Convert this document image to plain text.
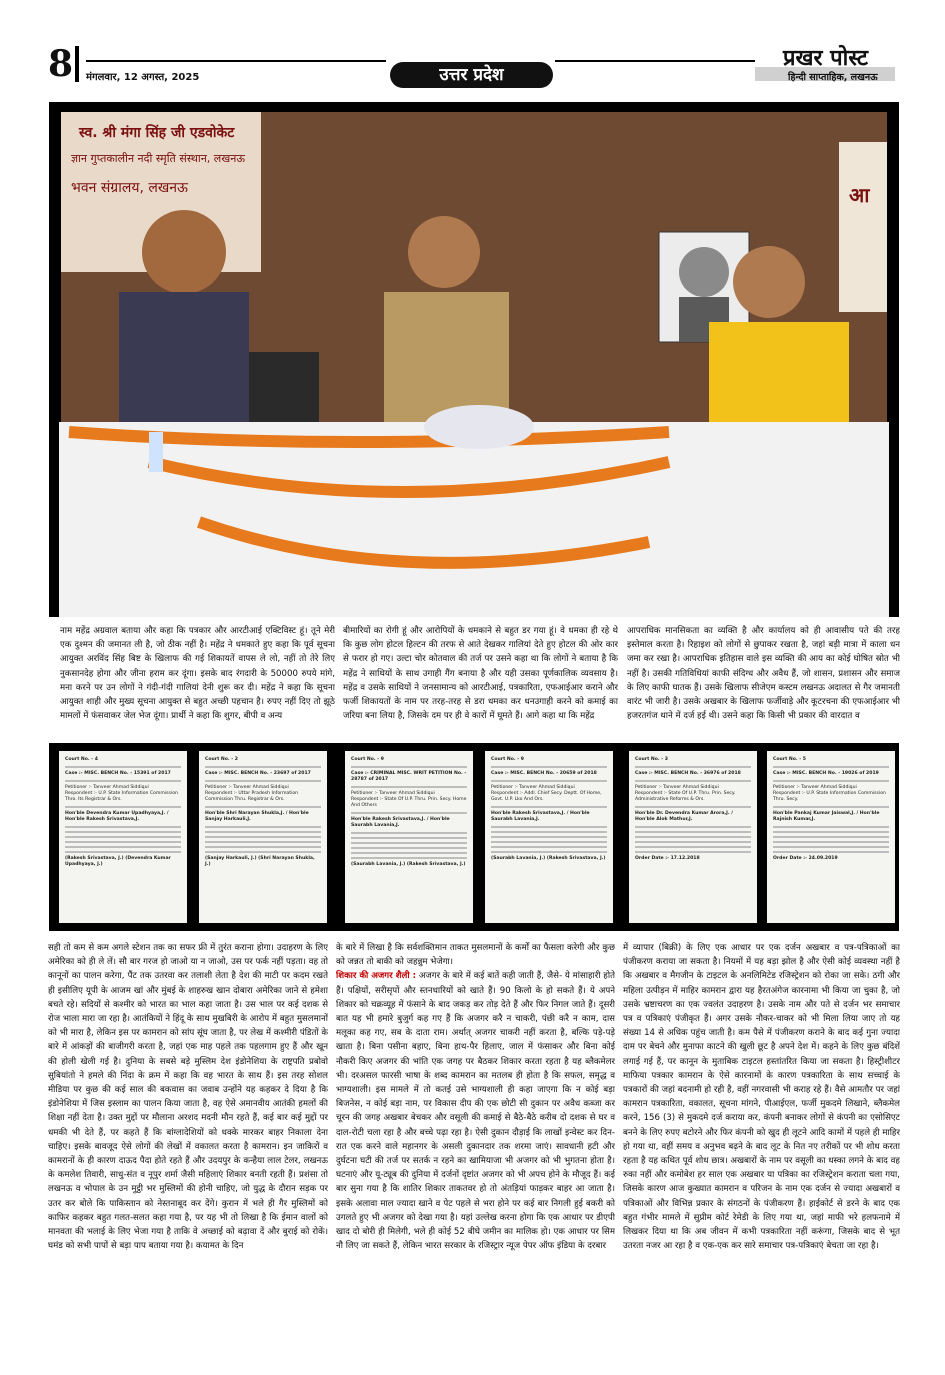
8 मंगलवार, 12 अगस्त, 2025	उत्तर प्रदेश
प्रखर पोस्ट
हिन्दी साप्ताहिक, लखनऊ
स्व. श्री मंगा सिंह जी एडवोकेट
ज्ञान गुप्तकालीन नदी स्मृति संस्थान, लखनऊ
भवन संग्रालय, लखनऊ	आ
नाम महेंद्र अग्रवाल बताया और कहा कि पत्रकार और आरटीआई एक्टिविस्ट हूं। तूने मेरी एक दुश्मन की जमानत ली है, जो ठीक नहीं है। महेंद्र ने धमकाते हुए कहा कि पूर्व सूचना आयुक्त अरविंद सिंह बिष्ट के खिलाफ की गई शिकायतें वापस ले लो, नहीं तो तेरे लिए नुकसानदेह होगा और जीना हराम कर दूंगा। इसके बाद रंगदारी के 50000 रुपये मांगे, मना करने पर उन लोगों ने गंदी-गंदी गालियां देनी शुरू कर दी। महेंद्र ने कहा कि सूचना आयुक्त शाही और मुख्य सूचना आयुक्त से बहुत अच्छी पहचान है। रुपए नहीं दिए तो झूठे मामलों में फंसवाकर जेल भेज दूंगा। प्रार्थी ने कहा कि शुगर, बीपी व अन्य
बीमारियों का रोगी हूं और आरोपियों के धमकाने से बहुत डर गया हूं। वे धमका ही रहे थे कि कुछ लोग होटल हिल्टन की तरफ से आते देखकर गालियां देते हुए होटल की ओर कार से फरार हो गए। उल्टा चोर कोतवाल की तर्ज पर उसने कहा था कि लोगों ने बताया है कि महेंद्र ने साथियों के साथ उगाही गैंग बनाया है और यही उसका पूर्णकालिक व्यवसाय है। महेंद्र व उसके साथियों ने जनसामान्य को आरटीआई, पत्रकारिता, एफआईआर कराने और फर्जी शिकायतों के नाम पर तरह-तरह से डरा धमका कर धनउगाही करने को कमाई का जरिया बना लिया है, जिसके दम पर ही वे कारों में घूमते हैं। आगे कहा था कि महेंद्र
आपराधिक मानसिकता का व्यक्ति है और कार्यालय को ही आवासीय पते की तरह इस्तेमाल करता है। रिहाइश को लोगों से छुपाकर रखता है, जहां बड़ी मात्रा में काला धन जमा कर रखा है। आपराधिक इतिहास वाले इस व्यक्ति की आय का कोई घोषित स्रोत भी नहीं है। उसकी गतिविधियां काफी संदिग्ध और अवैध हैं, जो शासन, प्रशासन और समाज के लिए काफी घातक हैं। उसके खिलाफ सीजेएम कस्टम लखनऊ अदालत से गैर जमानती वारंट भी जारी है। उसके अखबार के खिलाफ फर्जीवाड़े और कूटरचना की एफआईआर भी हजरतगंज थाने में दर्ज हई थी। उसने कहा कि किसी भी प्रकार की वारदात व
Court No. - 4
Case :- MISC. BENCH No. - 15391 of 2017
Petitioner :- Tanveer Ahmad Siddiqui
Respondent :- U.P. State Information Commission Thro. Its Registrar & Ors.
Hon'ble Devendra Kumar Upadhyaya,J. / Hon'ble Rakesh Srivastava,J.
(Rakesh Srivastava, J.) (Devendra Kumar Upadhyaya, J.)
Court No. - 2
Case :- MISC. BENCH No. - 23697 of 2017
Petitioner :- Tanveer Ahmad Siddiqui
Respondent :- Uttar Pradesh Information Commission Thru. Registrar & Ors.
Hon'ble Shri Narayan Shukla,J. / Hon'ble Sanjay Harkauli,J.
(Sanjay Harkauli, J.) (Shri Narayan Shukla, J.)
Court No. - 9
Case :- CRIMINAL MISC. WRIT PETITION No. - 28787 of 2017
Petitioner :- Tanveer Ahmad Siddiqui
Respondent :- State Of U.P. Thru. Prin. Secy. Home And Others
Hon'ble Rakesh Srivastava,J. / Hon'ble Saurabh Lavania,J.
(Saurabh Lavania, J.) (Rakesh Srivastava, J.)
Court No. - 9
Case :- MISC. BENCH No. - 20659 of 2018
Petitioner :- Tanveer Ahmad Siddiqui
Respondent :- Addl. Chief Secy. Deptt. Of Home, Govt. U.P. Lko And Ors.
Hon'ble Rakesh Srivastava,J. / Hon'ble Saurabh Lavania,J.
(Saurabh Lavania, J.) (Rakesh Srivastava, J.)
Court No. - 3
Case :- MISC. BENCH No. - 36976 of 2018
Petitioner :- Tanveer Ahmad Siddiqui
Respondent :- State Of U.P. Thru. Prin. Secy. Administrative Reforms & Ors.
Hon'ble Dr. Devendra Kumar Arora,J. / Hon'ble Alok Mathur,J.
Order Date :- 17.12.2018
Court No. - 5
Case :- MISC. BENCH No. - 19026 of 2019
Petitioner :- Tanveer Ahmad Siddiqui
Respondent :- U.P. State Information Commission Thru. Secy.
Hon'ble Pankaj Kumar Jaiswal,J. / Hon'ble Rajnish Kumar,J.
Order Date :- 24.09.2019
सही तो कम से कम अगले स्टेशन तक का सफर फ्री में तुरंत कराना होगा। उदाहरण के लिए अमेरिका को ही ले लें। सौ बार गरज हो जाओ या न जाओ, उस पर फर्क नहीं पड़ता। वह तो कानूनों का पालन करेगा, पैंट तक उतरवा कर तलाशी लेता है देश की माटी पर कदम रखते ही इसीलिए यूपी के आजम खां और मुंबई के शाहरुख खान दोबारा अमेरिका जाने से हमेशा बचते रहे। सदियों से कश्मीर को भारत का भाल कहा जाता है। उस भाल पर कई दशक से रोज भाला मारा जा रहा है। आतंकियों ने हिंदू के साथ मुखबिरी के आरोप में बहुत मुसलमानों को भी मारा है, लेकिन इस पर कामरान को सांप सूंघ जाता है, पर लेख में कश्मीरी पंडितों के बारे में आंकड़ों की बाजीगरी करता है, जहां एक माह पहले तक पहलगाम हुए हैं और खून की होली खेली गई है। दुनिया के सबसे बड़े मुस्लिम देश इंडोनेशिया के राष्ट्रपति प्रबोवो सुबियांतो ने हमले की निंदा के क्रम में कहा कि वह भारत के साथ हैं। इस तरह सोशल मीडिया पर कुछ की कई साल की बकवास का जवाब उन्होंने यह कहकर दे दिया है कि इंडोनेशिया में जिस इस्लाम का पालन किया जाता है, वह ऐसे अमानवीय आतंकी हमलों की शिक्षा नहीं देता है। उक्त मुद्दों पर मौलाना अरशद मदनी मौन रहते हैं, कई बार कई मुद्दों पर धमकी भी देते हैं, पर कहते हैं कि बांग्लादेशियों को धक्के मारकर बाहर निकाला देना चाहिए। इसके बावजूद ऐसे लोगों की लेखों में वकालत करता है कामरान। इन जाकिरों व कामरानों के ही कारण दाऊद पैदा होते रहते हैं और उदयपुर के कन्हैया लाल टेलर, लखनऊ के कमलेश तिवारी, साधु-संत व नूपुर शर्मा जैसी महिलाएं शिकार बनती रहती हैं। प्रशंसा तो लखनऊ व भोपाल के उन मुट्ठी भर मुस्लिमों की होनी चाहिए, जो युद्ध के दौरान सड़क पर उतर कर बोले कि पाकिस्तान को नेस्तनाबूद कर देंगे। कुरान में भले ही गैर मुस्लिमों को काफिर कहकर बहुत गलत-सलत कहा गया है, पर यह भी तो लिखा है कि ईमान वालों को मानवता की भलाई के लिए भेजा गया है ताकि वे अच्छाई को बढ़ावा दें और बुराई को रोकें। घमंड को सभी पापों से बड़ा पाप बताया गया है। कयामत के दिन
के बारे में लिखा है कि सर्वशक्तिमान ताकत मुसलमानों के कर्मों का फैसला करेगी और कुछ को जन्नत तो बाकी को जहन्नुम भेजेगा।
शिकार की अजगर शैली : अजगर के बारे में कई बातें कही जाती हैं, जैसे- ये मांसाहारी होते हैं। पक्षियों, सरीसृपों और स्तनधारियों को खाते हैं। 90 किलो के हो सकते हैं। ये अपने शिकार को चक्रव्यूह में फंसाने के बाद जकड़ कर तोड़ देते हैं और फिर निगल जाते हैं। दूसरी बात यह भी हमारे बुजुर्ग कह गए हैं कि अजगर करै न चाकरी, पंछी करै न काम, दास मलूका कह गए, सब के दाता राम। अर्थात् अजगर चाकरी नहीं करता है, बल्कि पड़े-पड़े खाता है। बिना पसीना बहाए, बिना हाथ-पैर हिलाए, जाल में फंसाकर और बिना कोई नौकरी किए अजगर की भांति एक जगह पर बैठकर शिकार करता रहता है यह ब्लैकमेलर भी। दरअसल फारसी भाषा के शब्द कामरान का मतलब ही होता है कि सफल, समृद्ध व भाग्यशाली। इस मामले में तो कतई उसे भाग्यशाली ही कहा जाएगा कि न कोई बड़ा बिजनेस, न कोई बड़ा नाम, पर विकास दीप की एक छोटी सी दुकान पर अवैध कब्जा कर चूरन की जगह अखबार बेचकर और वसूली की कमाई से बैठे-बैठे करीब दो दशक से घर व दाल-रोटी चला रहा है और बच्चे पढ़ा रहा है। ऐसी दुकान दौड़ाई कि लाखों इन्वेस्ट कर दिन-रात एक करने वाले महानगर के असली दुकानदार तक शरमा जाएं। सावधानी हटी और दुर्घटना घटी की तर्ज पर सतर्क न रहने का खामियाजा भी अजगर को भी भुगतना होता है। घटनाएं और यू-ट्यूब की दुनिया में दर्जनों दृष्टांत अजगर को भी अपच होने के मौजूद हैं। कई बार सुना गया है कि शातिर शिकार ताकतवर हो तो अंतड़ियां फाड़कर बाहर आ जाता है। इसके अलावा माल ज्यादा खाने व पेट पहले से भरा होने पर कई बार निगली हुई बकरी को उगलते हुए भी अजगर को देखा गया है। यहां उल्लेख करना होगा कि एक आधार पर डीएपी खाद दो बोरी ही मिलेगी, भले ही कोई 52 बीघे जमीन का मालिक हो। एक आधार पर सिम नौ लिए जा सकते हैं, लेकिन भारत सरकार के रजिस्ट्रार न्यूज पेपर ऑफ इंडिया के दरबार
में व्यापार (बिक्री) के लिए एक आधार पर एक दर्जन अखबार व पत्र-पत्रिकाओं का पंजीकरण कराया जा सकता है। नियमों में यह बड़ा झोल है और ऐसी कोई व्यवस्था नहीं है कि अखबार व मैगजीन के टाइटल के अनलिमिटेड रजिस्ट्रेशन को रोका जा सके। ठगी और महिला उत्पीड़न में माहिर कामरान द्वारा यह हैरतअंगेज कारनामा भी किया जा चुका है, जो उसके भ्रष्टाचरण का एक ज्वलंत उदाहरण है। उसके नाम और पते से दर्जन भर समाचार पत्र व पत्रिकाएं पंजीकृत हैं। अगर उसके नौकर-चाकर को भी मिला लिया जाए तो यह संख्या 14 से अधिक पहुंच जाती है। कम पैसे में पंजीकरण कराने के बाद कई गुना ज्यादा दाम पर बेचने और मुनाफा काटने की खुली छूट है अपने देश में। कहने के लिए कुछ बंदिशें लगाई गई हैं, पर कानून के मुताबिक टाइटल हस्तांतरित किया जा सकता है। हिस्ट्रीशीटर माफिया पत्रकार कामरान के ऐसे कारनामों के कारण पत्रकारिता के साथ सच्चाई के पत्रकारों की जहां बदनामी हो रही है, वहीं नगरवासी भी कराह रहे हैं। वैसे आमतौर पर जहां कामरान पत्रकारिता, वकालत, सूचना मांगने, पीआईएल, फर्जी मुकदमे लिखाने, ब्लैकमेल करने, 156 (3) से मुकदमे दर्ज कराया कर, कंपनी बनाकर लोगों से कंपनी का एसोसिएट बनने के लिए रुपए बटोरने और फिर कंपनी को खुद ही लूटने आदि कामों में पहले ही माहिर हो गया था, वहीं समय व अनुभव बढ़ने के बाद लूट के नित नए तरीकों पर भी शोध करता रहता है यह कथित पूर्व शोध छात्र। अखबारों के नाम पर वसूली का धस्का लगने के बाद वह रुका नहीं और कमोबेश हर साल एक अखबार या पत्रिका का रजिस्ट्रेशन कराता चला गया, जिसके कारण आज कुख्यात कामरान व परिजन के नाम एक दर्जन से ज्यादा अखबारों व पत्रिकाओं और विभिन्न प्रकार के संगठनों के पंजीकरण हैं। हाईकोर्ट से डरने के बाद एक बहुत गंभीर मामले में सुप्रीम कोर्ट रेमेडी के लिए गया था, जहां माफी भरे हलफनामे में लिखकर दिया था कि अब जीवन में कभी पत्रकारिता नहीं करूंगा, जिसके बाद से भूत उतरता नजर आ रहा है व एक-एक कर सारे समाचार पत्र-पत्रिकाएं बेचता जा रहा है।
